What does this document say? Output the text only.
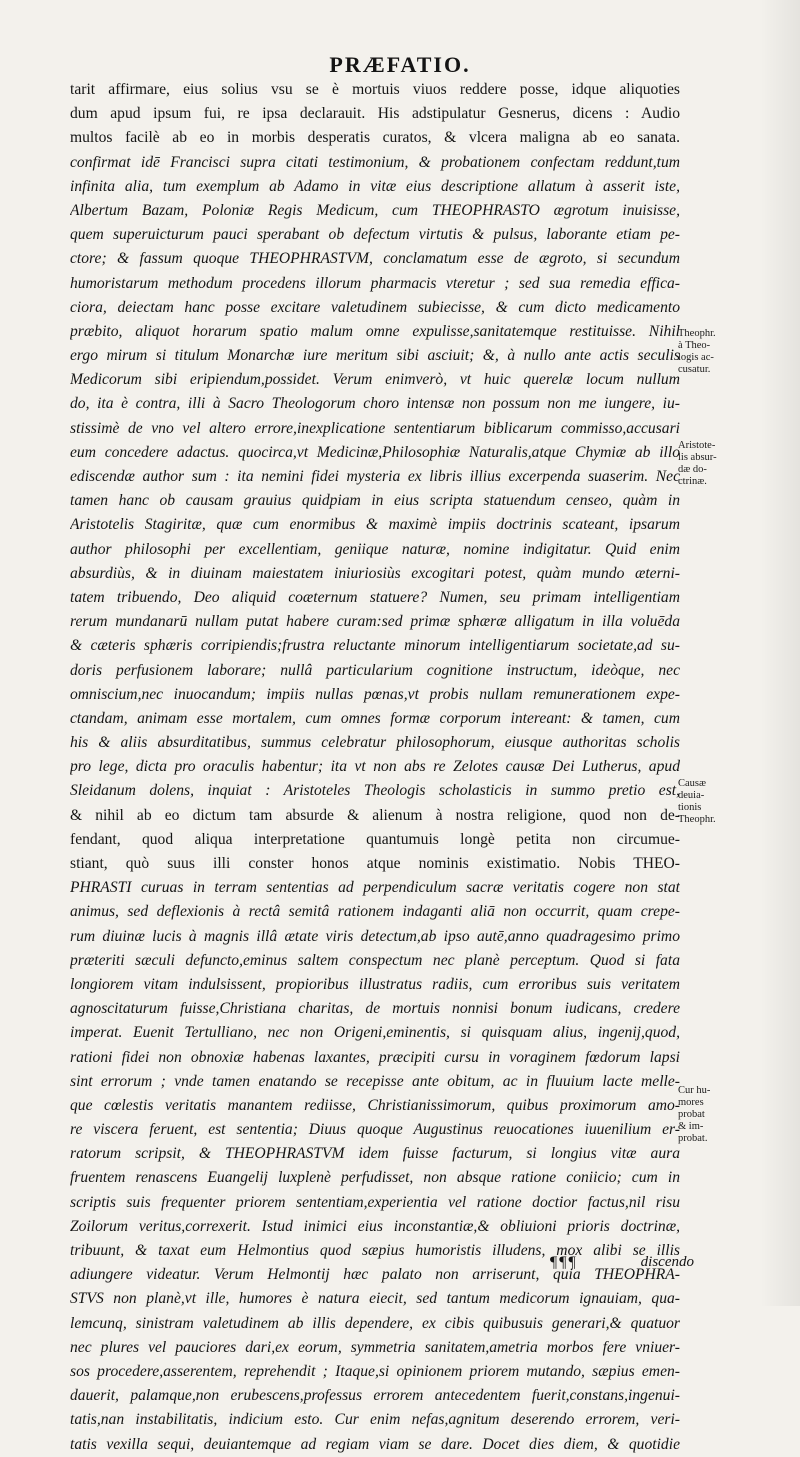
PRÆFATIO.
tarit affirmare, eius solius vsu se è mortuis viuos reddere posse, idque aliquoties
dum apud ipsum fui, re ipsa declarauit. His adstipulatur Gesnerus, dicens : Audio
multos facilè ab eo in morbis desperatis curatos, & vlcera maligna ab eo sanata.
confirmat idē Francisci supra citati testimonium, & probationem confectam reddunt,tum
infinita alia, tum exemplum ab Adamo in vitæ eius descriptione allatum à asserit iste,
Albertum Bazam, Poloniæ Regis Medicum, cum THEOPHRASTO ægrotum inuisisse,
quem superuicturum pauci sperabant ob defectum virtutis & pulsus, laborante etiam pe-
ctore; & fassum quoque THEOPHRASTVM, conclamatum esse de ægroto, si secundum
humoristarum methodum procedens illorum pharmacis vteretur ; sed sua remedia effica-
ciora, deiectam hanc posse excitare valetudinem subiecisse, & cum dicto medicamento
præbito, aliquot horarum spatio malum omne expulisse,sanitatemque restituisse. Nihil
ergo mirum si titulum Monarchæ iure meritum sibi asciuit; &, à nullo ante actis seculis
Medicorum sibi eripiendum,possidet. Verum enimverò, vt huic querelæ locum nullum
do, ita è contra, illi à Sacro Theologorum choro intensæ non possum non me iungere, iu-
stissimè de vno vel altero errore,inexplicatione sententiarum biblicarum commisso,accusari
eum concedere adactus. quocirca,vt Medicinæ,Philosophiæ Naturalis,atque Chymiæ ab illo
ediscendæ author sum : ita nemini fidei mysteria ex libris illius excerpenda suaserim. Nec
tamen hanc ob causam grauius quidpiam in eius scripta statuendum censeo, quàm in
Aristotelis Stagiritæ, quæ cum enormibus & maximè impiis doctrinis scateant, ipsarum
author philosophi per excellentiam, geniique naturæ, nomine indigitatur. Quid enim
absurdiùs, & in diuinam maiestatem iniuriosiùs excogitari potest, quàm mundo æterni-
tatem tribuendo, Deo aliquid coæternum statuere? Numen, seu primam intelligentiam
rerum mundanarū nullam putat habere curam:sed primæ sphæræ alligatum in illa voluēda
& cæteris sphæris corripiendis;frustra reluctante minorum intelligentiarum societate,ad su-
doris perfusionem laborare; nullâ particularium cognitione instructum, ideòque, nec
omniscium,nec inuocandum; impiis nullas pœnas,vt probis nullam remunerationem expe-
ctandam, animam esse mortalem, cum omnes formæ corporum intereant: & tamen, cum
his & aliis absurditatibus, summus celebratur philosophorum, eiusque authoritas scholis
pro lege, dicta pro oraculis habentur; ita vt non abs re Zelotes causæ Dei Lutherus, apud
Sleidanum dolens, inquiat : Aristoteles Theologis scholasticis in summo pretio est,
& nihil ab eo dictum tam absurde & alienum à nostra religione, quod non de-
fendant, quod aliqua interpretatione quantumuis longè petita non circumue-
stiant, quò suus illi conster honos atque nominis existimatio. Nobis THEO-
PHRASTI curuas in terram sententias ad perpendiculum sacræ veritatis cogere non stat
animus, sed deflexionis à rectâ semitâ rationem indaganti aliā non occurrit, quam crepe-
rum diuinæ lucis à magnis illâ ætate viris detectum,ab ipso autē,anno quadragesimo primo
præteriti sæculi defuncto,eminus saltem conspectum nec planè perceptum. Quod si fata
longiorem vitam indulsissent, propioribus illustratus radiis, cum erroribus suis veritatem
agnoscitaturum fuisse,Christiana charitas, de mortuis nonnisi bonum iudicans, credere
imperat. Euenit Tertulliano, nec non Origeni,eminentis, si quisquam alius, ingenij,quod,
rationi fidei non obnoxiæ habenas laxantes, præcipiti cursu in voraginem fœdorum lapsi
sint errorum ; vnde tamen enatando se recepisse ante obitum, ac in fluuium lacte melle-
que cœlestis veritatis manantem rediisse, Christianissimorum, quibus proximorum amo-
re viscera feruent, est sententia; Diuus quoque Augustinus reuocationes iuuenilium er-
ratorum scripsit, & THEOPHRASTVM idem fuisse facturum, si longius vitæ aura
fruentem renascens Euangelij luxplenè perfudisset, non absque ratione coniicio; cum in
scriptis suis frequenter priorem sententiam,experientia vel ratione doctior factus,nil risu
Zoilorum veritus,correxerit. Istud inimici eius inconstantiæ,& obliuioni prioris doctrinæ,
tribuunt, & taxat eum Helmontius quod sæpius humoristis illudens, mox alibi se illis
adiungere videatur. Verum Helmontij hæc palato non arriserunt, quia THEOPHRA-
STVS non planè,vt ille, humores è natura eiecit, sed tantum medicorum ignauiam, qua-
lemcunq, sinistram valetudinem ab illis dependere, ex cibis quibusuis generari,& quatuor
nec plures vel pauciores dari,ex eorum, symmetria sanitatem,ametria morbos fere vniuer-
sos procedere,asserentem, reprehendit ; Itaque,si opinionem priorem mutando, sæpius emen-
dauerit, palamque,non erubescens,professus errorem antecedentem fuerit,constans,ingenui-
tatis,nan instabilitatis, indicium esto. Cur enim nefas,agnitum deserendo errorem, veri-
tatis vexilla sequi, deuiantemque ad regiam viam se dare. Docet dies diem, & quotidie
Theophr.
à Theo-
logis ac-
cusatur.
Aristote-
lis absur-
dæ do-
ctrinæ.
Causæ
deuia-
tionis
Theophr.
Cur hu-
mores
probat
& im-
probat.
¶¶¶	discendo
